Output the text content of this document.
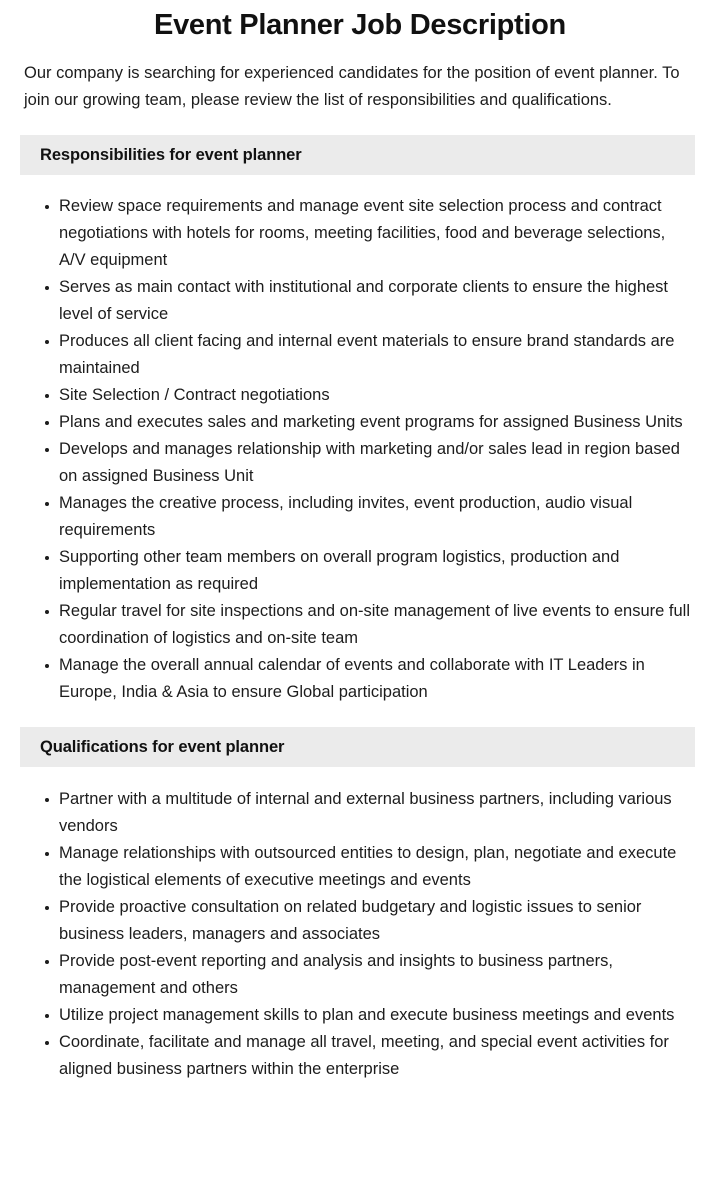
Event Planner Job Description

Our company is searching for experienced candidates for the position of event planner. To join our growing team, please review the list of responsibilities and qualifications.

Responsibilities for event planner
Review space requirements and manage event site selection process and contract negotiations with hotels for rooms, meeting facilities, food and beverage selections, A/V equipment
Serves as main contact with institutional and corporate clients to ensure the highest level of service
Produces all client facing and internal event materials to ensure brand standards are maintained
Site Selection / Contract negotiations
Plans and executes sales and marketing event programs for assigned Business Units
Develops and manages relationship with marketing and/or sales lead in region based on assigned Business Unit
Manages the creative process, including invites, event production, audio visual requirements
Supporting other team members on overall program logistics, production and implementation as required
Regular travel for site inspections and on-site management of live events to ensure full coordination of logistics and on-site team
Manage the overall annual calendar of events and collaborate with IT Leaders in Europe, India & Asia to ensure Global participation
Qualifications for event planner
Partner with a multitude of internal and external business partners, including various vendors
Manage relationships with outsourced entities to design, plan, negotiate and execute the logistical elements of executive meetings and events
Provide proactive consultation on related budgetary and logistic issues to senior business leaders, managers and associates
Provide post-event reporting and analysis and insights to business partners, management and others
Utilize project management skills to plan and execute business meetings and events
Coordinate, facilitate and manage all travel, meeting, and special event activities for aligned business partners within the enterprise
